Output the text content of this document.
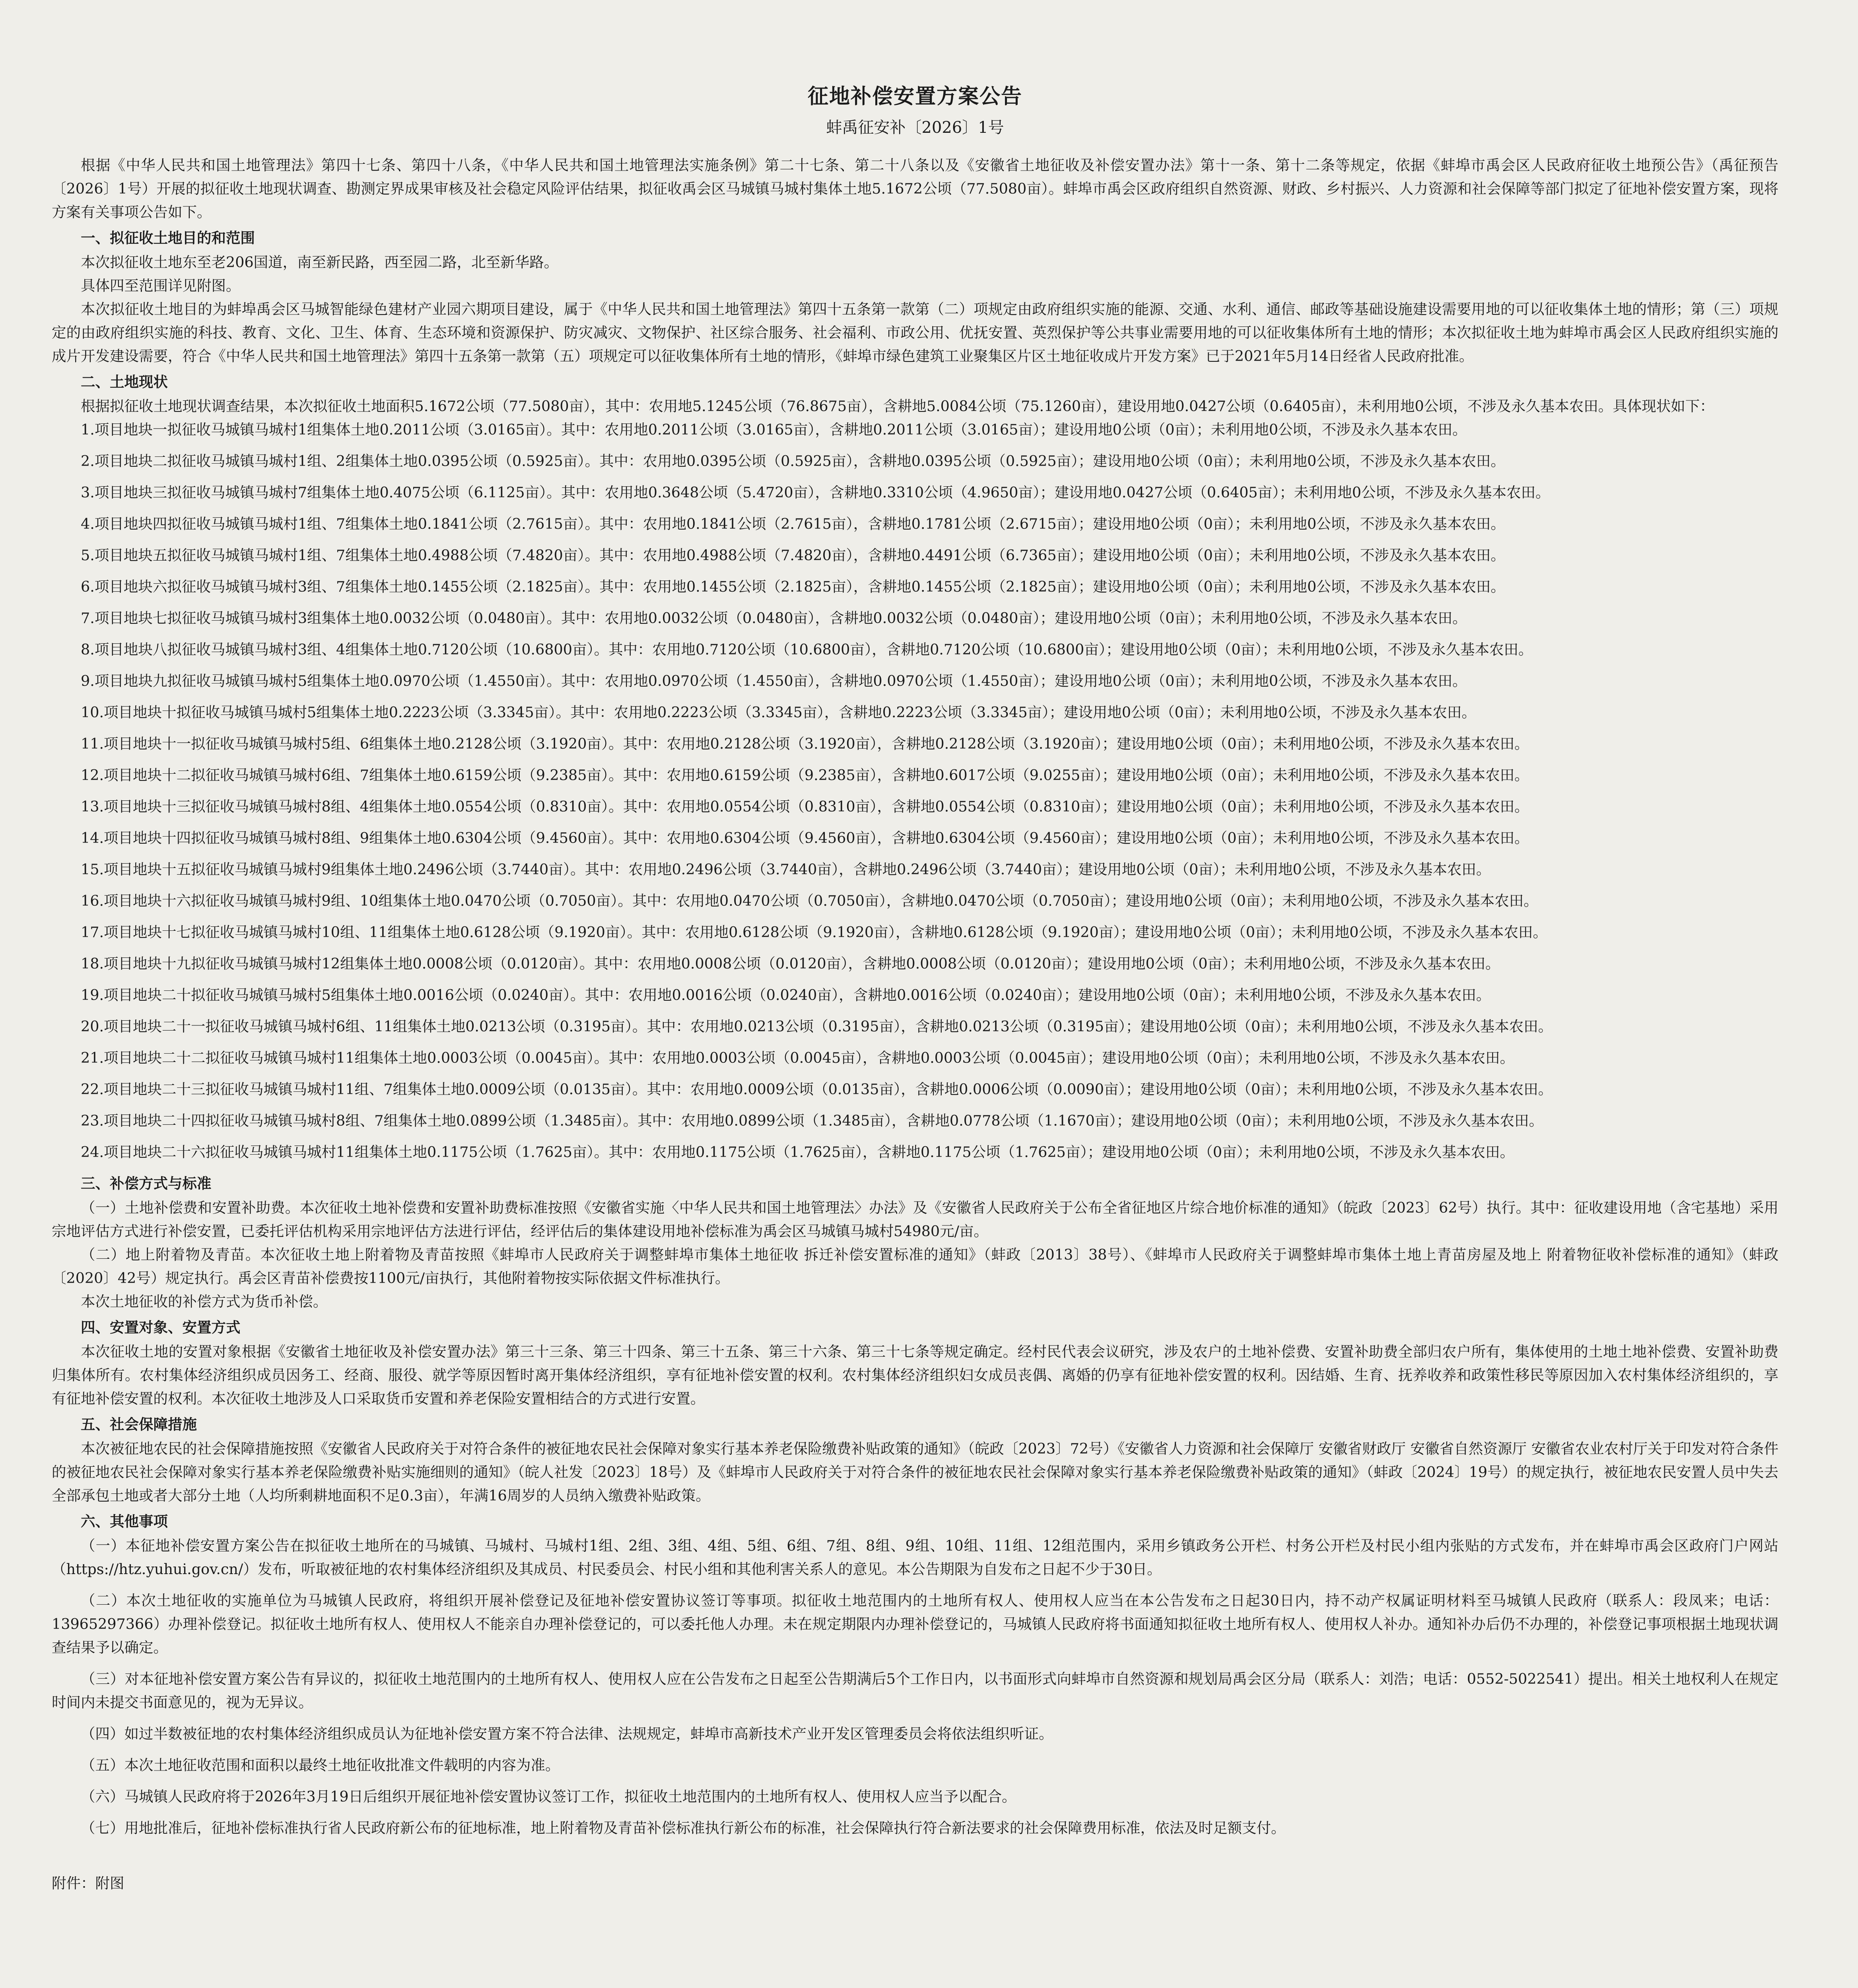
征地补偿安置方案公告
蚌禹征安补〔2026〕1号

根据《中华人民共和国土地管理法》第四十七条、第四十八条，《中华人民共和国土地管理法实施条例》第二十七条、第二十八条以及《安徽省土地征收及补偿安置办法》第十一条、第十二条等规定，依据《蚌埠市禹会区人民政府征收土地预公告》（禹征预告〔2026〕1号）开展的拟征收土地现状调查、勘测定界成果审核及社会稳定风险评估结果，拟征收禹会区马城镇马城村集体土地5.1672公顷（77.5080亩）。蚌埠市禹会区政府组织自然资源、财政、乡村振兴、人力资源和社会保障等部门拟定了征地补偿安置方案，现将方案有关事项公告如下。

一、拟征收土地目的和范围

本次拟征收土地东至老206国道，南至新民路，西至园二路，北至新华路。

具体四至范围详见附图。

本次拟征收土地目的为蚌埠禹会区马城智能绿色建材产业园六期项目建设，属于《中华人民共和国土地管理法》第四十五条第一款第（二）项规定由政府组织实施的能源、交通、水利、通信、邮政等基础设施建设需要用地的可以征收集体土地的情形；第（三）项规定的由政府组织实施的科技、教育、文化、卫生、体育、生态环境和资源保护、防灾减灾、文物保护、社区综合服务、社会福利、市政公用、优抚安置、英烈保护等公共事业需要用地的可以征收集体所有土地的情形；本次拟征收土地为蚌埠市禹会区人民政府组织实施的成片开发建设需要，符合《中华人民共和国土地管理法》第四十五条第一款第（五）项规定可以征收集体所有土地的情形，《蚌埠市绿色建筑工业聚集区片区土地征收成片开发方案》已于2021年5月14日经省人民政府批准。

二、土地现状

根据拟征收土地现状调查结果，本次拟征收土地面积5.1672公顷（77.5080亩），其中：农用地5.1245公顷（76.8675亩），含耕地5.0084公顷（75.1260亩），建设用地0.0427公顷（0.6405亩），未利用地0公顷，不涉及永久基本农田。具体现状如下：

1.项目地块一拟征收马城镇马城村1组集体土地0.2011公顷（3.0165亩）。其中：农用地0.2011公顷（3.0165亩），含耕地0.2011公顷（3.0165亩）；建设用地0公顷（0亩）；未利用地0公顷，不涉及永久基本农田。

2.项目地块二拟征收马城镇马城村1组、2组集体土地0.0395公顷（0.5925亩）。其中：农用地0.0395公顷（0.5925亩），含耕地0.0395公顷（0.5925亩）；建设用地0公顷（0亩）；未利用地0公顷，不涉及永久基本农田。

3.项目地块三拟征收马城镇马城村7组集体土地0.4075公顷（6.1125亩）。其中：农用地0.3648公顷（5.4720亩），含耕地0.3310公顷（4.9650亩）；建设用地0.0427公顷（0.6405亩）；未利用地0公顷，不涉及永久基本农田。

4.项目地块四拟征收马城镇马城村1组、7组集体土地0.1841公顷（2.7615亩）。其中：农用地0.1841公顷（2.7615亩），含耕地0.1781公顷（2.6715亩）；建设用地0公顷（0亩）；未利用地0公顷，不涉及永久基本农田。

5.项目地块五拟征收马城镇马城村1组、7组集体土地0.4988公顷（7.4820亩）。其中：农用地0.4988公顷（7.4820亩），含耕地0.4491公顷（6.7365亩）；建设用地0公顷（0亩）；未利用地0公顷，不涉及永久基本农田。

6.项目地块六拟征收马城镇马城村3组、7组集体土地0.1455公顷（2.1825亩）。其中：农用地0.1455公顷（2.1825亩），含耕地0.1455公顷（2.1825亩）；建设用地0公顷（0亩）；未利用地0公顷，不涉及永久基本农田。

7.项目地块七拟征收马城镇马城村3组集体土地0.0032公顷（0.0480亩）。其中：农用地0.0032公顷（0.0480亩），含耕地0.0032公顷（0.0480亩）；建设用地0公顷（0亩）；未利用地0公顷，不涉及永久基本农田。

8.项目地块八拟征收马城镇马城村3组、4组集体土地0.7120公顷（10.6800亩）。其中：农用地0.7120公顷（10.6800亩），含耕地0.7120公顷（10.6800亩）；建设用地0公顷（0亩）；未利用地0公顷，不涉及永久基本农田。

9.项目地块九拟征收马城镇马城村5组集体土地0.0970公顷（1.4550亩）。其中：农用地0.0970公顷（1.4550亩），含耕地0.0970公顷（1.4550亩）；建设用地0公顷（0亩）；未利用地0公顷，不涉及永久基本农田。

10.项目地块十拟征收马城镇马城村5组集体土地0.2223公顷（3.3345亩）。其中：农用地0.2223公顷（3.3345亩），含耕地0.2223公顷（3.3345亩）；建设用地0公顷（0亩）；未利用地0公顷，不涉及永久基本农田。

11.项目地块十一拟征收马城镇马城村5组、6组集体土地0.2128公顷（3.1920亩）。其中：农用地0.2128公顷（3.1920亩），含耕地0.2128公顷（3.1920亩）；建设用地0公顷（0亩）；未利用地0公顷，不涉及永久基本农田。

12.项目地块十二拟征收马城镇马城村6组、7组集体土地0.6159公顷（9.2385亩）。其中：农用地0.6159公顷（9.2385亩），含耕地0.6017公顷（9.0255亩）；建设用地0公顷（0亩）；未利用地0公顷，不涉及永久基本农田。

13.项目地块十三拟征收马城镇马城村8组、4组集体土地0.0554公顷（0.8310亩）。其中：农用地0.0554公顷（0.8310亩），含耕地0.0554公顷（0.8310亩）；建设用地0公顷（0亩）；未利用地0公顷，不涉及永久基本农田。

14.项目地块十四拟征收马城镇马城村8组、9组集体土地0.6304公顷（9.4560亩）。其中：农用地0.6304公顷（9.4560亩），含耕地0.6304公顷（9.4560亩）；建设用地0公顷（0亩）；未利用地0公顷，不涉及永久基本农田。

15.项目地块十五拟征收马城镇马城村9组集体土地0.2496公顷（3.7440亩）。其中：农用地0.2496公顷（3.7440亩），含耕地0.2496公顷（3.7440亩）；建设用地0公顷（0亩）；未利用地0公顷，不涉及永久基本农田。

16.项目地块十六拟征收马城镇马城村9组、10组集体土地0.0470公顷（0.7050亩）。其中：农用地0.0470公顷（0.7050亩），含耕地0.0470公顷（0.7050亩）；建设用地0公顷（0亩）；未利用地0公顷，不涉及永久基本农田。

17.项目地块十七拟征收马城镇马城村10组、11组集体土地0.6128公顷（9.1920亩）。其中：农用地0.6128公顷（9.1920亩），含耕地0.6128公顷（9.1920亩）；建设用地0公顷（0亩）；未利用地0公顷，不涉及永久基本农田。

18.项目地块十九拟征收马城镇马城村12组集体土地0.0008公顷（0.0120亩）。其中：农用地0.0008公顷（0.0120亩），含耕地0.0008公顷（0.0120亩）；建设用地0公顷（0亩）；未利用地0公顷，不涉及永久基本农田。

19.项目地块二十拟征收马城镇马城村5组集体土地0.0016公顷（0.0240亩）。其中：农用地0.0016公顷（0.0240亩），含耕地0.0016公顷（0.0240亩）；建设用地0公顷（0亩）；未利用地0公顷，不涉及永久基本农田。

20.项目地块二十一拟征收马城镇马城村6组、11组集体土地0.0213公顷（0.3195亩）。其中：农用地0.0213公顷（0.3195亩），含耕地0.0213公顷（0.3195亩）；建设用地0公顷（0亩）；未利用地0公顷，不涉及永久基本农田。

21.项目地块二十二拟征收马城镇马城村11组集体土地0.0003公顷（0.0045亩）。其中：农用地0.0003公顷（0.0045亩），含耕地0.0003公顷（0.0045亩）；建设用地0公顷（0亩）；未利用地0公顷，不涉及永久基本农田。

22.项目地块二十三拟征收马城镇马城村11组、7组集体土地0.0009公顷（0.0135亩）。其中：农用地0.0009公顷（0.0135亩），含耕地0.0006公顷（0.0090亩）；建设用地0公顷（0亩）；未利用地0公顷，不涉及永久基本农田。

23.项目地块二十四拟征收马城镇马城村8组、7组集体土地0.0899公顷（1.3485亩）。其中：农用地0.0899公顷（1.3485亩），含耕地0.0778公顷（1.1670亩）；建设用地0公顷（0亩）；未利用地0公顷，不涉及永久基本农田。

24.项目地块二十六拟征收马城镇马城村11组集体土地0.1175公顷（1.7625亩）。其中：农用地0.1175公顷（1.7625亩），含耕地0.1175公顷（1.7625亩）；建设用地0公顷（0亩）；未利用地0公顷，不涉及永久基本农田。

三、补偿方式与标准

（一）土地补偿费和安置补助费。本次征收土地补偿费和安置补助费标准按照《安徽省实施〈中华人民共和国土地管理法〉办法》及《安徽省人民政府关于公布全省征地区片综合地价标准的通知》（皖政〔2023〕62号）执行。其中：征收建设用地（含宅基地）采用宗地评估方式进行补偿安置，已委托评估机构采用宗地评估方法进行评估，经评估后的集体建设用地补偿标准为禹会区马城镇马城村54980元/亩。

（二）地上附着物及青苗。本次征收土地上附着物及青苗按照《蚌埠市人民政府关于调整蚌埠市集体土地征收 拆迁补偿安置标准的通知》（蚌政〔2013〕38号）、《蚌埠市人民政府关于调整蚌埠市集体土地上青苗房屋及地上 附着物征收补偿标准的通知》（蚌政〔2020〕42号）规定执行。禹会区青苗补偿费按1100元/亩执行，其他附着物按实际依据文件标准执行。

本次土地征收的补偿方式为货币补偿。

四、安置对象、安置方式

本次征收土地的安置对象根据《安徽省土地征收及补偿安置办法》第三十三条、第三十四条、第三十五条、第三十六条、第三十七条等规定确定。经村民代表会议研究，涉及农户的土地补偿费、安置补助费全部归农户所有，集体使用的土地土地补偿费、安置补助费归集体所有。农村集体经济组织成员因务工、经商、服役、就学等原因暂时离开集体经济组织，享有征地补偿安置的权利。农村集体经济组织妇女成员丧偶、离婚的仍享有征地补偿安置的权利。因结婚、生育、抚养收养和政策性移民等原因加入农村集体经济组织的，享有征地补偿安置的权利。本次征收土地涉及人口采取货币安置和养老保险安置相结合的方式进行安置。

五、社会保障措施

本次被征地农民的社会保障措施按照《安徽省人民政府关于对符合条件的被征地农民社会保障对象实行基本养老保险缴费补贴政策的通知》（皖政〔2023〕72号）《安徽省人力资源和社会保障厅 安徽省财政厅 安徽省自然资源厅 安徽省农业农村厅关于印发对符合条件的被征地农民社会保障对象实行基本养老保险缴费补贴实施细则的通知》（皖人社发〔2023〕18号）及《蚌埠市人民政府关于对符合条件的被征地农民社会保障对象实行基本养老保险缴费补贴政策的通知》（蚌政〔2024〕19号）的规定执行，被征地农民安置人员中失去全部承包土地或者大部分土地（人均所剩耕地面积不足0.3亩），年满16周岁的人员纳入缴费补贴政策。

六、其他事项

（一）本征地补偿安置方案公告在拟征收土地所在的马城镇、马城村、马城村1组、2组、3组、4组、5组、6组、7组、8组、9组、10组、11组、12组范围内，采用乡镇政务公开栏、村务公开栏及村民小组内张贴的方式发布，并在蚌埠市禹会区政府门户网站（https://htz.yuhui.gov.cn/）发布，听取被征地的农村集体经济组织及其成员、村民委员会、村民小组和其他利害关系人的意见。本公告期限为自发布之日起不少于30日。

（二）本次土地征收的实施单位为马城镇人民政府，将组织开展补偿登记及征地补偿安置协议签订等事项。拟征收土地范围内的土地所有权人、使用权人应当在本公告发布之日起30日内，持不动产权属证明材料至马城镇人民政府（联系人：段凤来；电话：13965297366）办理补偿登记。拟征收土地所有权人、使用权人不能亲自办理补偿登记的，可以委托他人办理。未在规定期限内办理补偿登记的，马城镇人民政府将书面通知拟征收土地所有权人、使用权人补办。通知补办后仍不办理的，补偿登记事项根据土地现状调查结果予以确定。

（三）对本征地补偿安置方案公告有异议的，拟征收土地范围内的土地所有权人、使用权人应在公告发布之日起至公告期满后5个工作日内，以书面形式向蚌埠市自然资源和规划局禹会区分局（联系人：刘浩；电话：0552-5022541）提出。相关土地权利人在规定时间内未提交书面意见的，视为无异议。

（四）如过半数被征地的农村集体经济组织成员认为征地补偿安置方案不符合法律、法规规定，蚌埠市高新技术产业开发区管理委员会将依法组织听证。

（五）本次土地征收范围和面积以最终土地征收批准文件载明的内容为准。

（六）马城镇人民政府将于2026年3月19日后组织开展征地补偿安置协议签订工作，拟征收土地范围内的土地所有权人、使用权人应当予以配合。

（七）用地批准后，征地补偿标准执行省人民政府新公布的征地标准，地上附着物及青苗补偿标准执行新公布的标准，社会保障执行符合新法要求的社会保障费用标准，依法及时足额支付。

附件：附图
